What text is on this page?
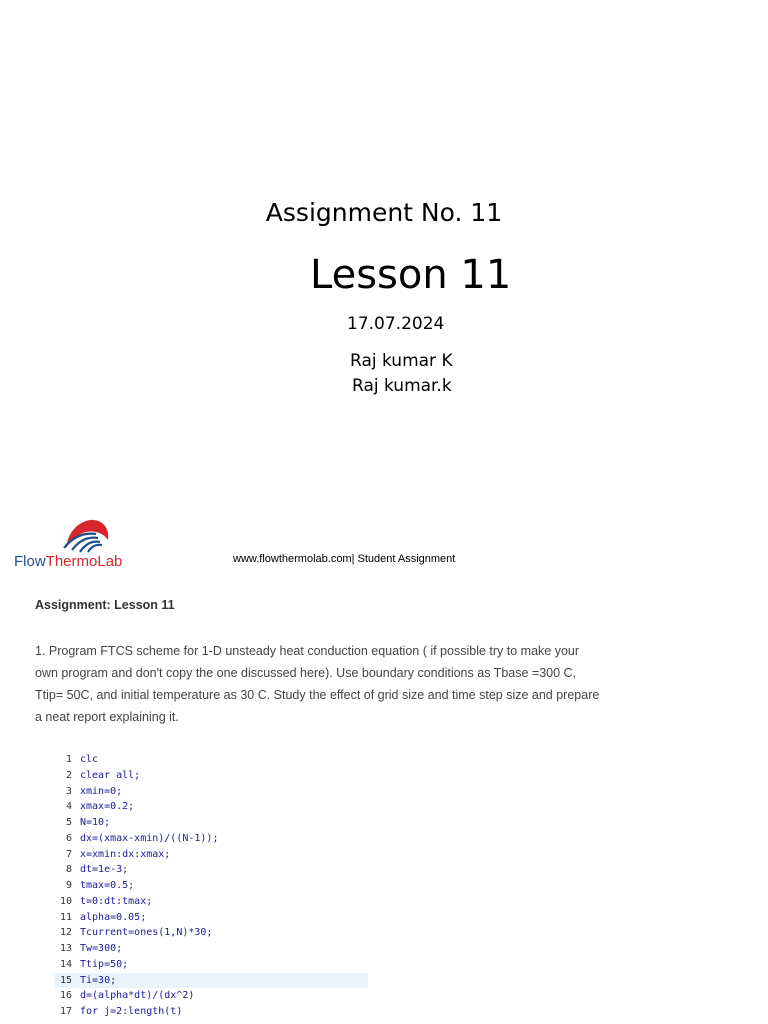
Assignment No. 11
Lesson 11
17.07.2024
Raj kumar K
Raj kumar.k
FlowThermoLab	www.flowthermolab.com| Student Assignment
Assignment: Lesson 11
1. Program FTCS scheme for 1-D unsteady heat conduction equation ( if possible try to make your own program and don't copy the one discussed here). Use boundary conditions as Tbase =300 C, Ttip= 50C, and initial temperature as 30 C. Study the effect of grid size and time step size and prepare a neat report explaining it.
1 clc
2 clear all;
3 xmin=0;
4 xmax=0.2;
5 N=10;
6 dx=(xmax-xmin)/((N-1));
7 x=xmin:dx:xmax;
8 dt=1e-3;
9 tmax=0.5;
10 t=0:dt:tmax;
11 alpha=0.05;
12 Tcurrent=ones(1,N)*30;
13 Tw=300;
14 Ttip=50;
15 Ti=30;
16 d=(alpha*dt)/(dx^2)
17 for j=2:length(t)
